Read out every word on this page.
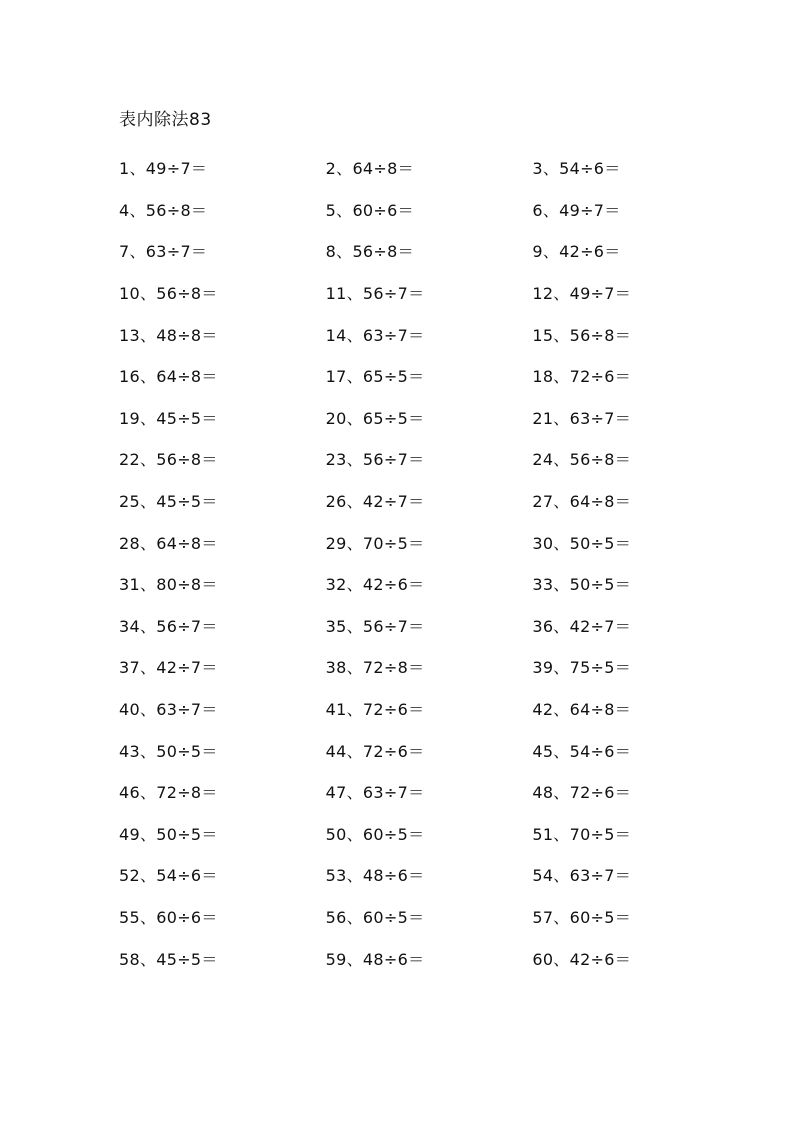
表内除法83
1、49÷7＝	2、64÷8＝	3、54÷6＝
4、56÷8＝	5、60÷6＝	6、49÷7＝
7、63÷7＝	8、56÷8＝	9、42÷6＝
10、56÷8＝	11、56÷7＝	12、49÷7＝
13、48÷8＝	14、63÷7＝	15、56÷8＝
16、64÷8＝	17、65÷5＝	18、72÷6＝
19、45÷5＝	20、65÷5＝	21、63÷7＝
22、56÷8＝	23、56÷7＝	24、56÷8＝
25、45÷5＝	26、42÷7＝	27、64÷8＝
28、64÷8＝	29、70÷5＝	30、50÷5＝
31、80÷8＝	32、42÷6＝	33、50÷5＝
34、56÷7＝	35、56÷7＝	36、42÷7＝
37、42÷7＝	38、72÷8＝	39、75÷5＝
40、63÷7＝	41、72÷6＝	42、64÷8＝
43、50÷5＝	44、72÷6＝	45、54÷6＝
46、72÷8＝	47、63÷7＝	48、72÷6＝
49、50÷5＝	50、60÷5＝	51、70÷5＝
52、54÷6＝	53、48÷6＝	54、63÷7＝
55、60÷6＝	56、60÷5＝	57、60÷5＝
58、45÷5＝	59、48÷6＝	60、42÷6＝
